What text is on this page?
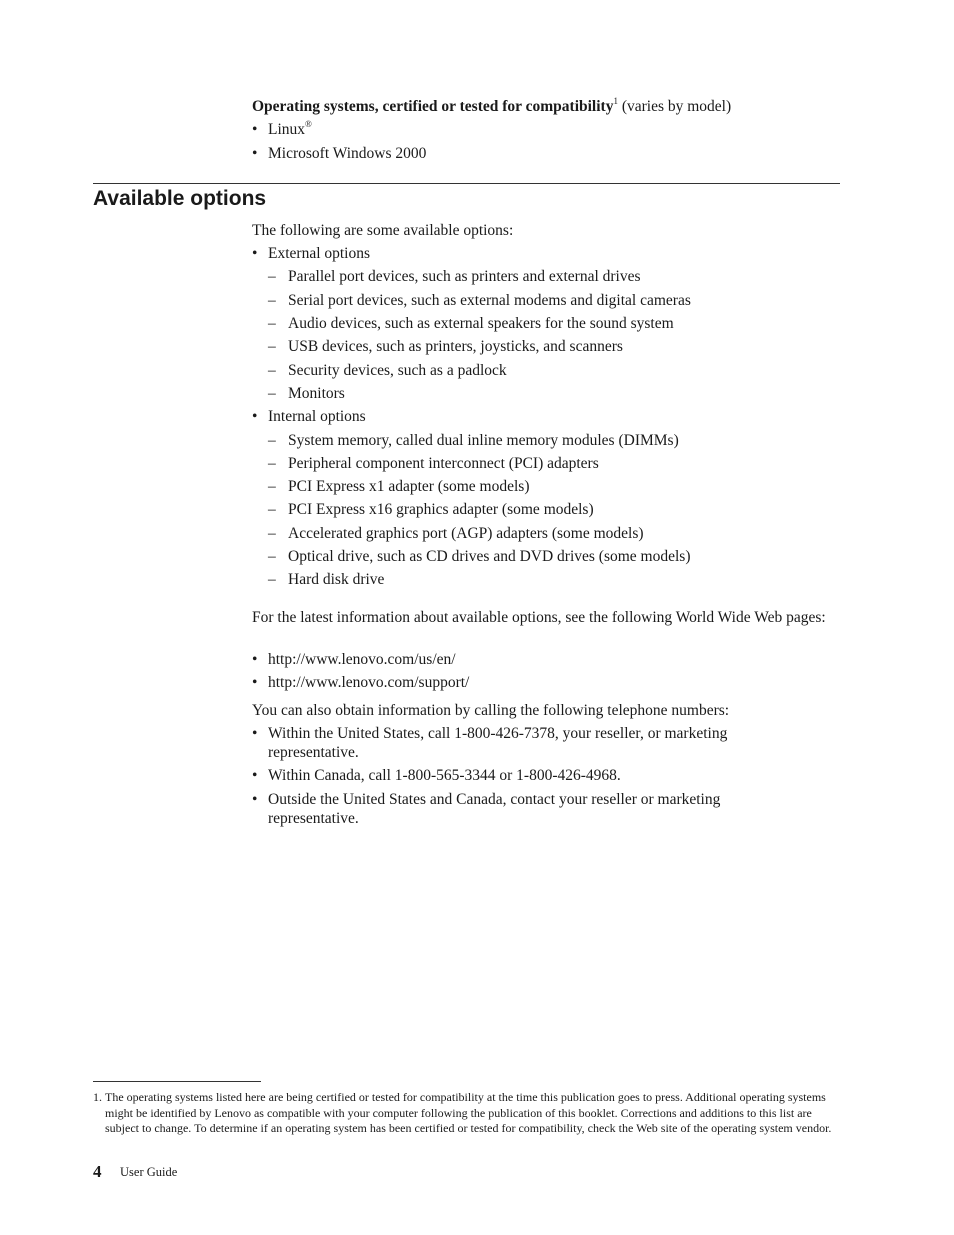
Operating systems, certified or tested for compatibility$^1$ (varies by model)
• Linux®
• Microsoft Windows 2000
Available options
The following are some available options:
• External options
– Parallel port devices, such as printers and external drives
– Serial port devices, such as external modems and digital cameras
– Audio devices, such as external speakers for the sound system
– USB devices, such as printers, joysticks, and scanners
– Security devices, such as a padlock
– Monitors
• Internal options
– System memory, called dual inline memory modules (DIMMs)
– Peripheral component interconnect (PCI) adapters
– PCI Express x1 adapter (some models)
– PCI Express x16 graphics adapter (some models)
– Accelerated graphics port (AGP) adapters (some models)
– Optical drive, such as CD drives and DVD drives (some models)
– Hard disk drive
For the latest information about available options, see the following World Wide Web pages:
• http://www.lenovo.com/us/en/
• http://www.lenovo.com/support/
You can also obtain information by calling the following telephone numbers:
• Within the United States, call 1-800-426-7378, your reseller, or marketing representative.
• Within Canada, call 1-800-565-3344 or 1-800-426-4968.
• Outside the United States and Canada, contact your reseller or marketing representative.
1. The operating systems listed here are being certified or tested for compatibility at the time this publication goes to press. Additional operating systems might be identified by Lenovo as compatible with your computer following the publication of this booklet. Corrections and additions to this list are subject to change. To determine if an operating system has been certified or tested for compatibility, check the Web site of the operating system vendor.
4 User Guide
